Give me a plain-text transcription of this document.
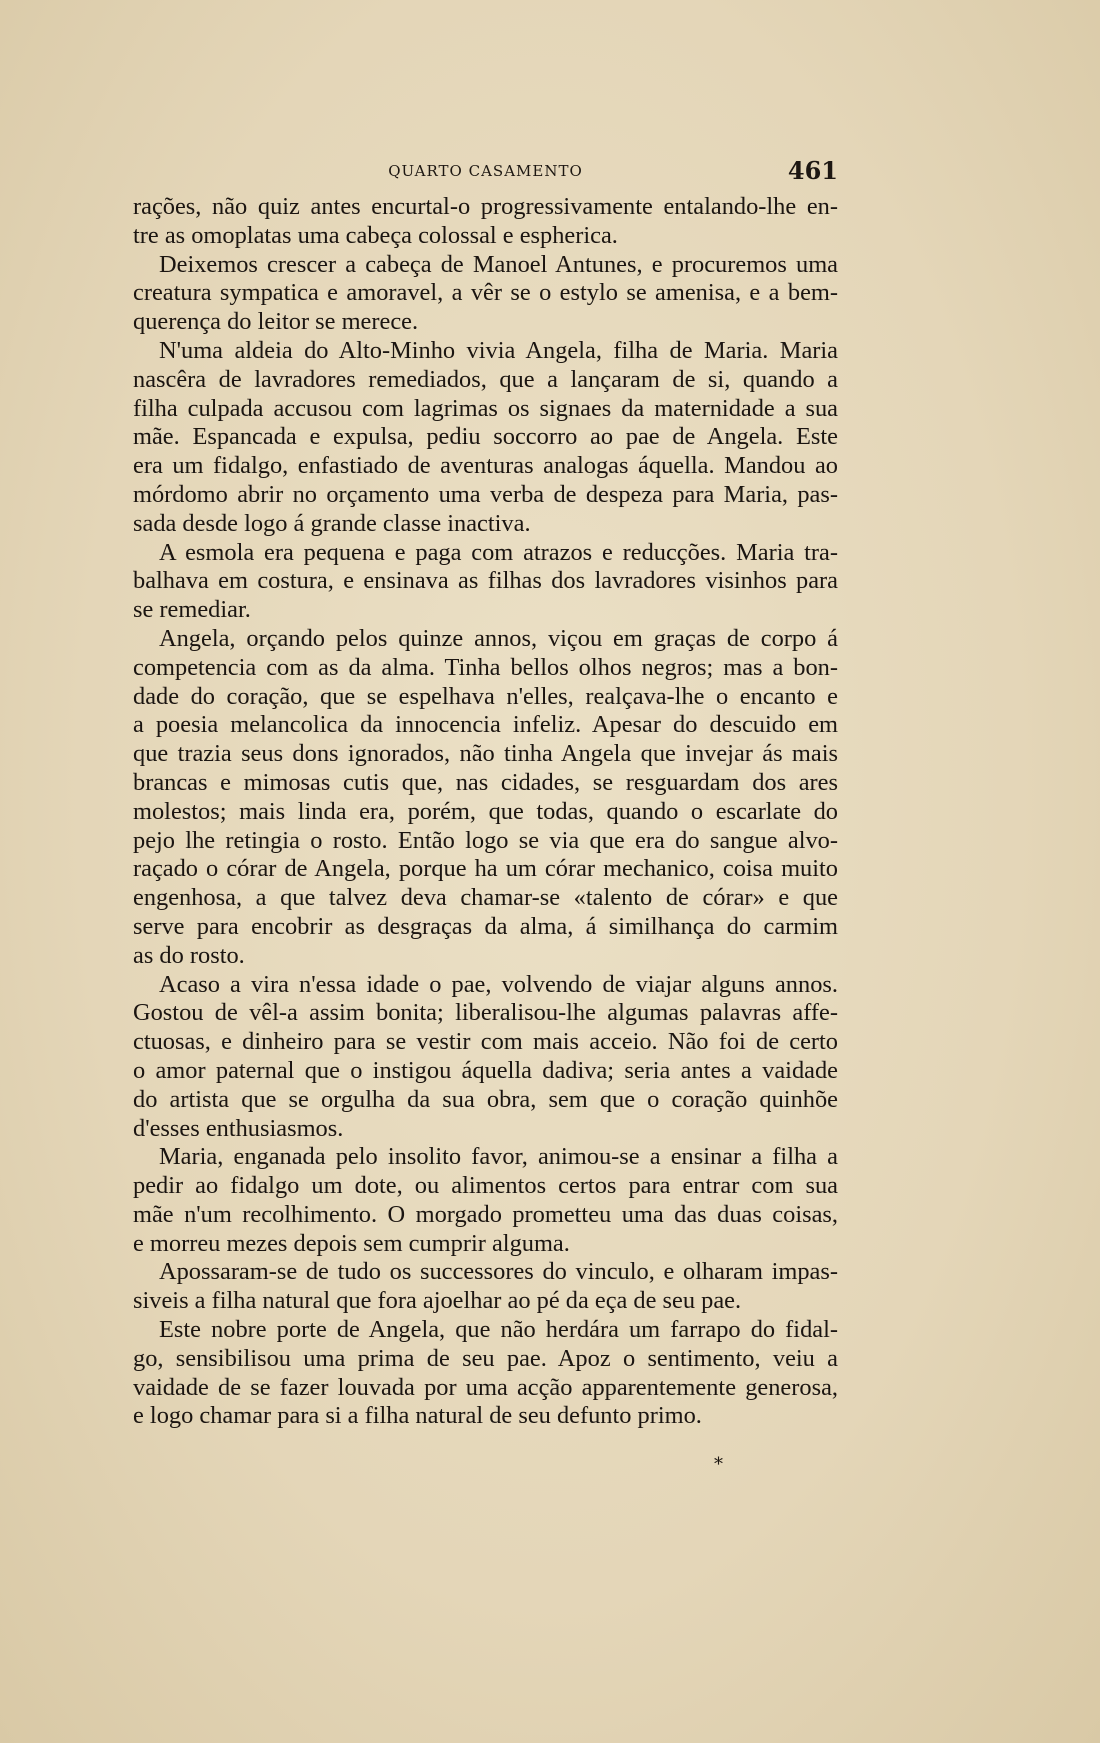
QUARTO CASAMENTO	461
rações, não quiz antes encurtal-o progressivamente entalando-lhe en-
tre as omoplatas uma cabeça colossal e espherica.
Deixemos crescer a cabeça de Manoel Antunes, e procuremos uma
creatura sympatica e amoravel, a vêr se o estylo se amenisa, e a bem-
querença do leitor se merece.
N'uma aldeia do Alto-Minho vivia Angela, filha de Maria. Maria
nascêra de lavradores remediados, que a lançaram de si, quando a
filha culpada accusou com lagrimas os signaes da maternidade a sua
mãe. Espancada e expulsa, pediu soccorro ao pae de Angela. Este
era um fidalgo, enfastiado de aventuras analogas áquella. Mandou ao
mórdomo abrir no orçamento uma verba de despeza para Maria, pas-
sada desde logo á grande classe inactiva.
A esmola era pequena e paga com atrazos e reducções. Maria tra-
balhava em costura, e ensinava as filhas dos lavradores visinhos para
se remediar.
Angela, orçando pelos quinze annos, viçou em graças de corpo á
competencia com as da alma. Tinha bellos olhos negros; mas a bon-
dade do coração, que se espelhava n'elles, realçava-lhe o encanto e
a poesia melancolica da innocencia infeliz. Apesar do descuido em
que trazia seus dons ignorados, não tinha Angela que invejar ás mais
brancas e mimosas cutis que, nas cidades, se resguardam dos ares
molestos; mais linda era, porém, que todas, quando o escarlate do
pejo lhe retingia o rosto. Então logo se via que era do sangue alvo-
raçado o córar de Angela, porque ha um córar mechanico, coisa muito
engenhosa, a que talvez deva chamar-se «talento de córar» e que
serve para encobrir as desgraças da alma, á similhança do carmim
as do rosto.
Acaso a vira n'essa idade o pae, volvendo de viajar alguns annos.
Gostou de vêl-a assim bonita; liberalisou-lhe algumas palavras affe-
ctuosas, e dinheiro para se vestir com mais acceio. Não foi de certo
o amor paternal que o instigou áquella dadiva; seria antes a vaidade
do artista que se orgulha da sua obra, sem que o coração quinhõe
d'esses enthusiasmos.
Maria, enganada pelo insolito favor, animou-se a ensinar a filha a
pedir ao fidalgo um dote, ou alimentos certos para entrar com sua
mãe n'um recolhimento. O morgado prometteu uma das duas coisas,
e morreu mezes depois sem cumprir alguma.
Apossaram-se de tudo os successores do vinculo, e olharam impas-
siveis a filha natural que fora ajoelhar ao pé da eça de seu pae.
Este nobre porte de Angela, que não herdára um farrapo do fidal-
go, sensibilisou uma prima de seu pae. Apoz o sentimento, veiu a
vaidade de se fazer louvada por uma acção apparentemente generosa,
e logo chamar para si a filha natural de seu defunto primo.
*
